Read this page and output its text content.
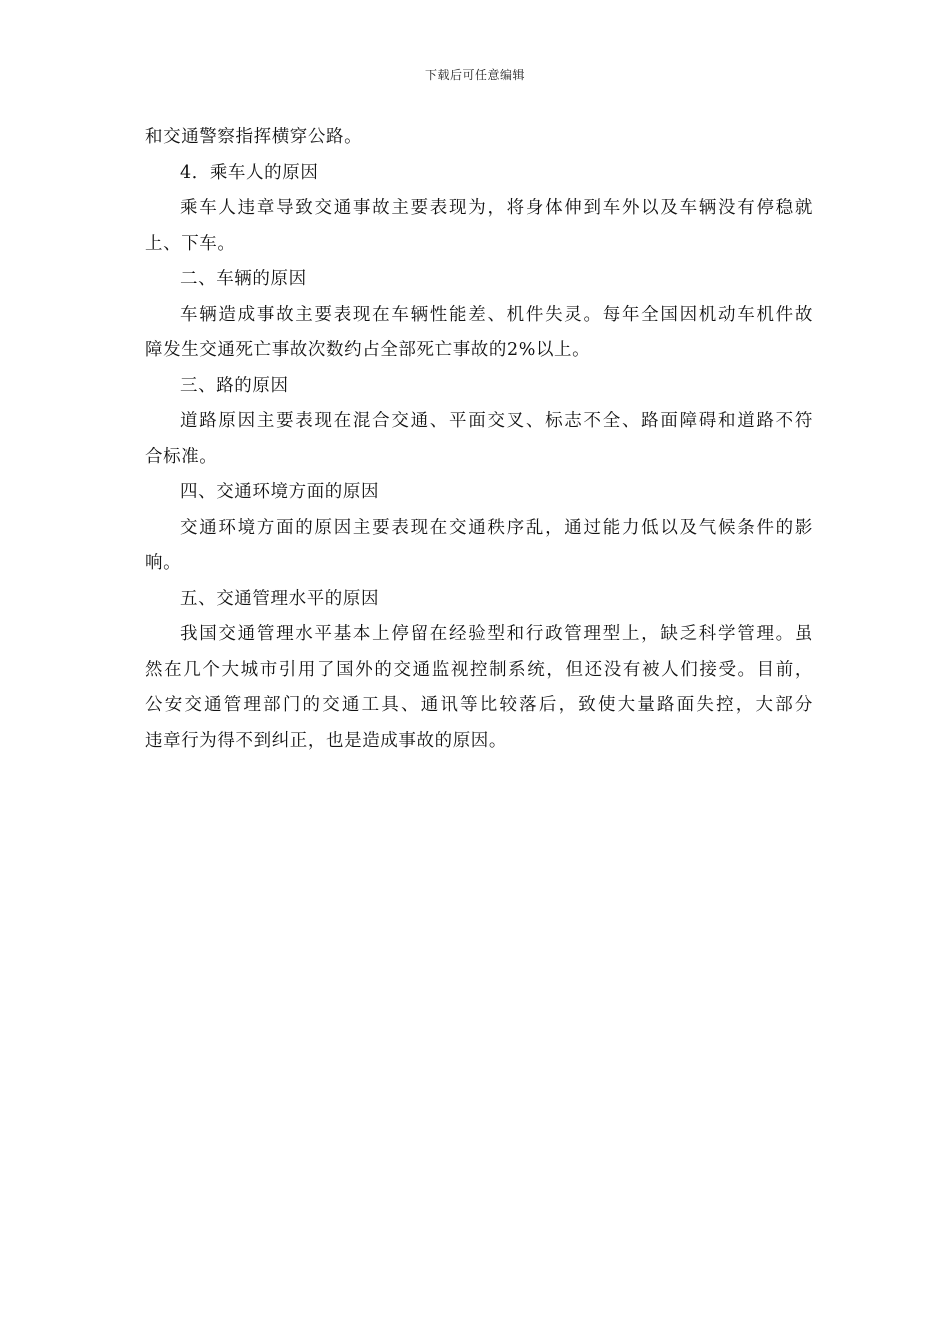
下载后可任意编辑

和交通警察指挥横穿公路。

4．乘车人的原因

乘车人违章导致交通事故主要表现为，将身体伸到车外以及车辆没有停稳就
上、下车。

二、车辆的原因

车辆造成事故主要表现在车辆性能差、机件失灵。每年全国因机动车机件故
障发生交通死亡事故次数约占全部死亡事故的2%以上。

三、路的原因

道路原因主要表现在混合交通、平面交叉、标志不全、路面障碍和道路不符
合标准。

四、交通环境方面的原因

交通环境方面的原因主要表现在交通秩序乱，通过能力低以及气候条件的影
响。

五、交通管理水平的原因

我国交通管理水平基本上停留在经验型和行政管理型上，缺乏科学管理。虽
然在几个大城市引用了国外的交通监视控制系统，但还没有被人们接受。目前，
公安交通管理部门的交通工具、通讯等比较落后，致使大量路面失控，大部分
违章行为得不到纠正，也是造成事故的原因。
